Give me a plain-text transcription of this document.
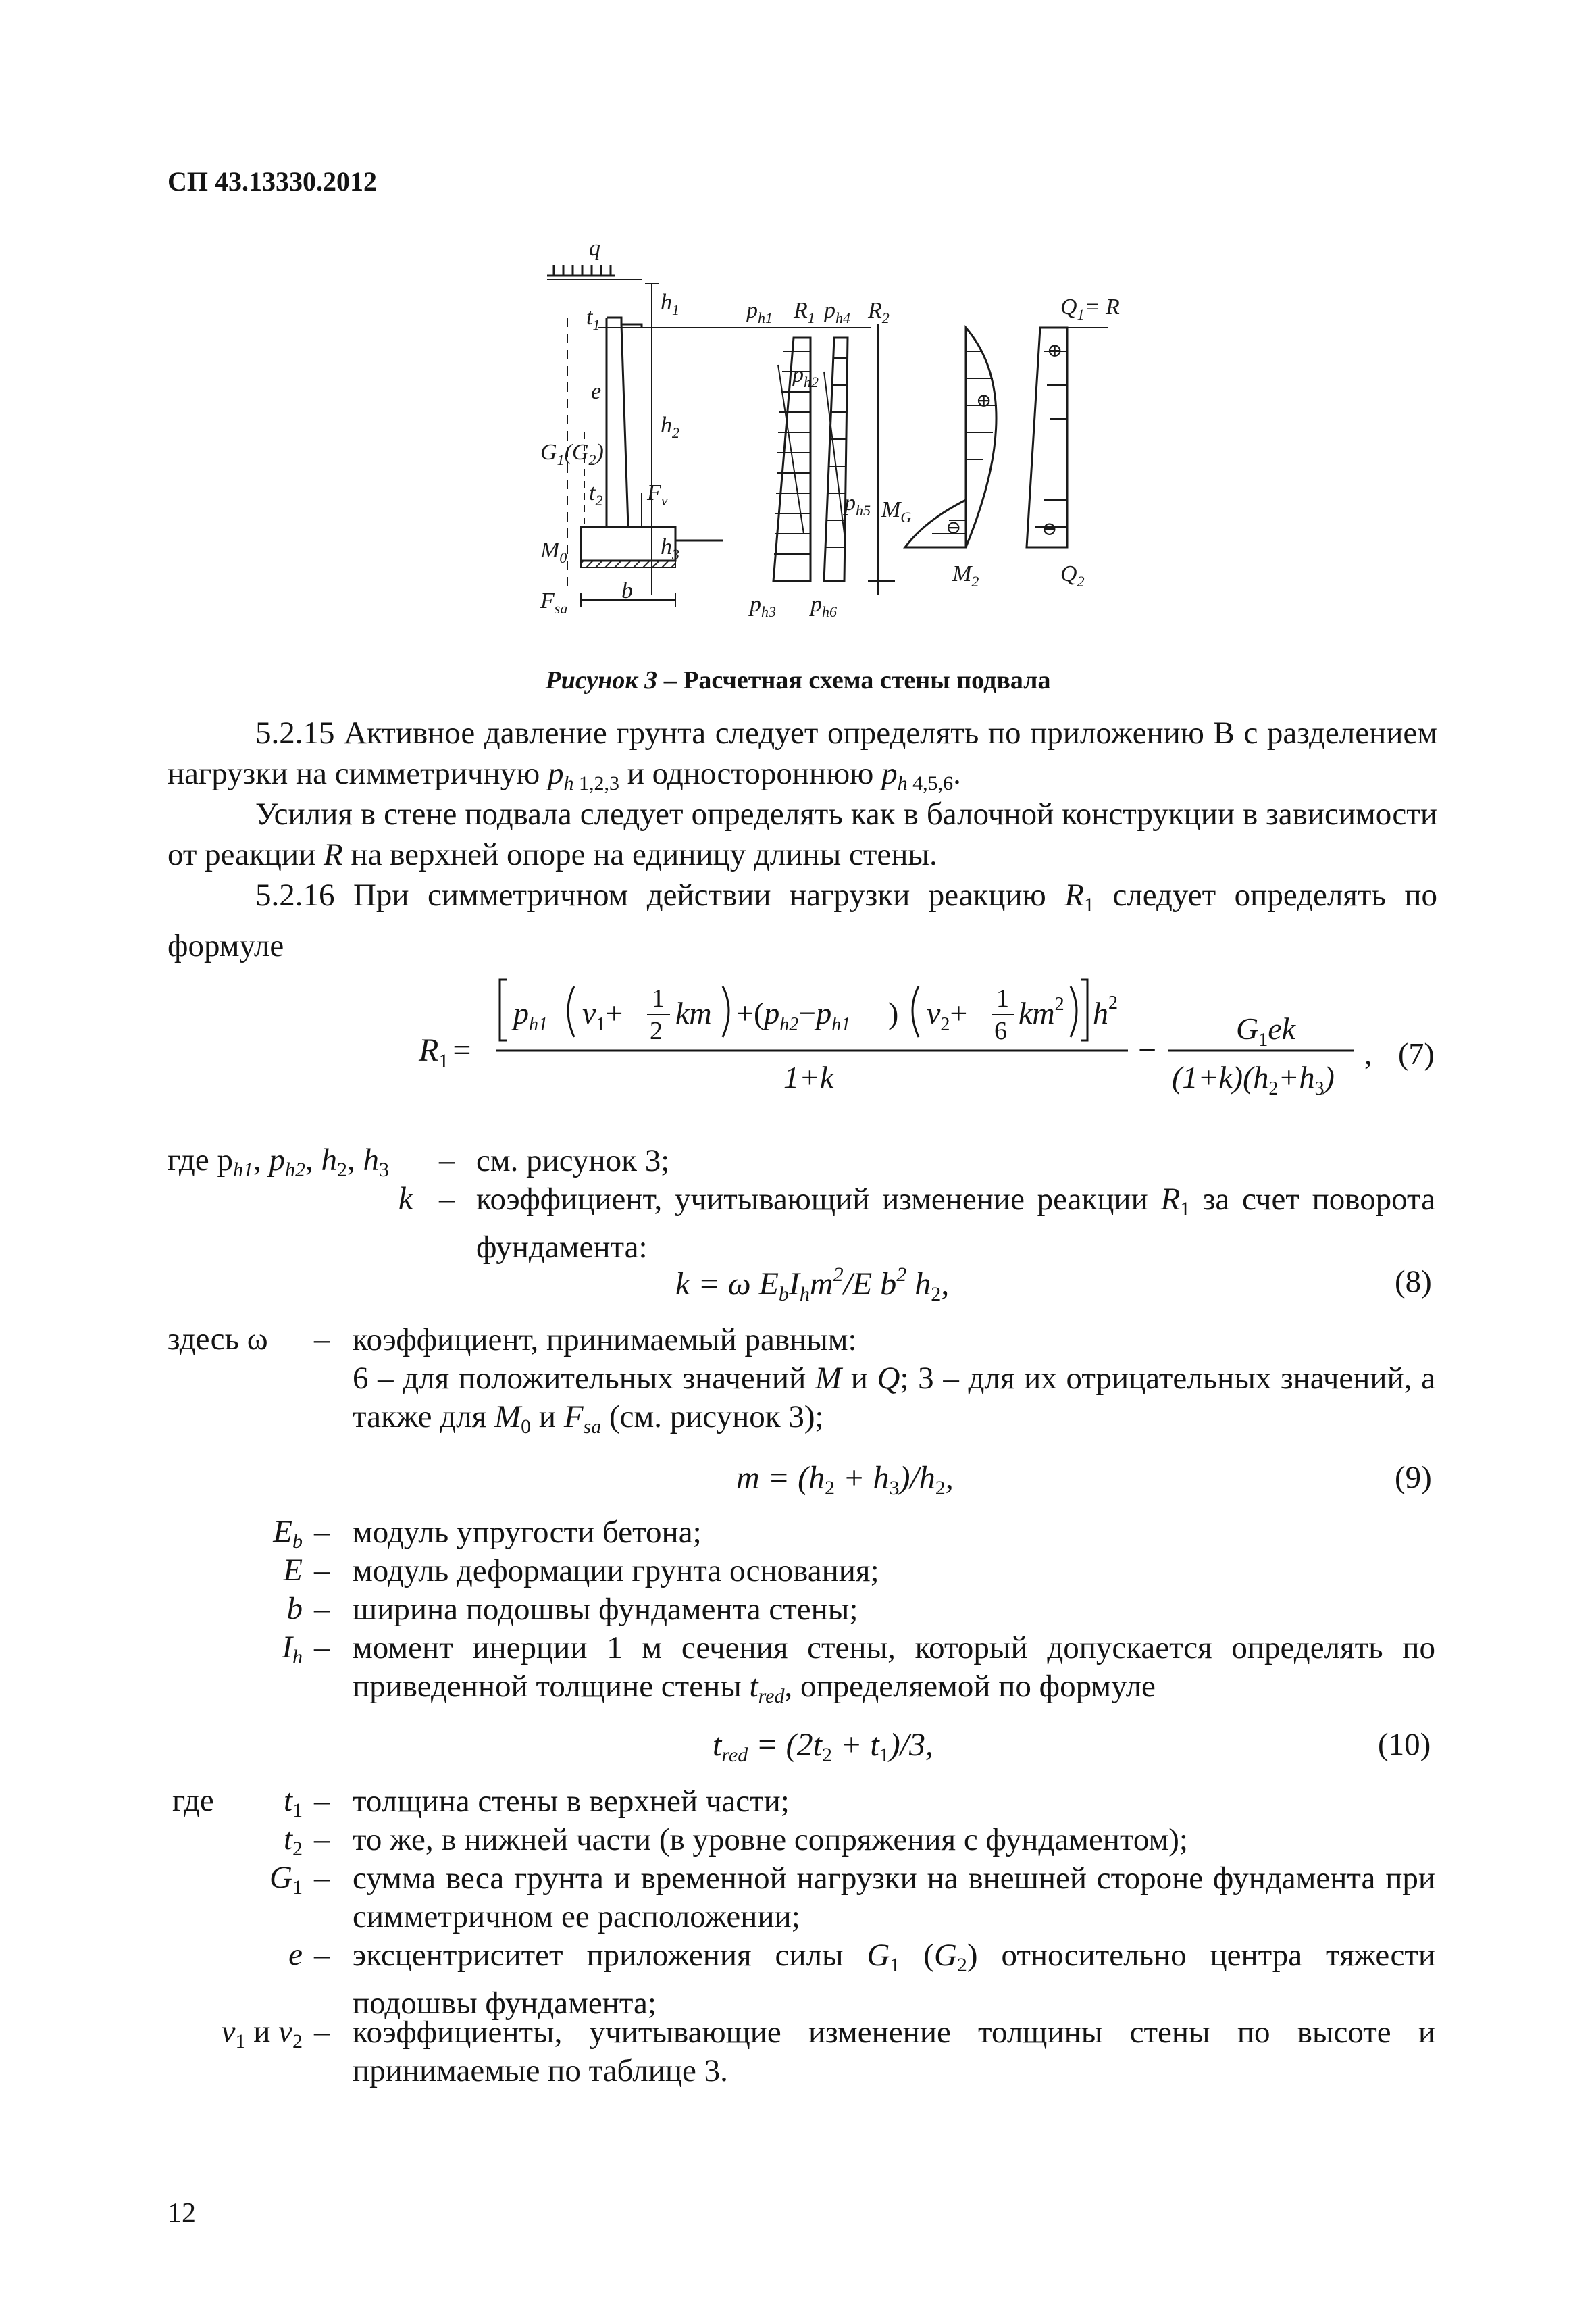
СП 43.13330.2012
q
$h_1$
$t_1$
e
$G_1(G_2)$
$h_2$
$t_2$ $F_v$
$M_0$	$h_3$
$F_{sa}$
b
$p_{h1}$ $R_1$ $p_{h4}$ $R_2$
$p_{h2}$
$p_{h5}$ $M_G$
$p_{h3}$ $p_{h6}$
$Q_1= R$
$M_2$	$Q_2$
⊕
⊕
⊖	⊖
Рисунок 3 – Расчетная схема стены подвала
5.2.15 Активное давление грунта следует определять по приложению В с разделением нагрузки на симметричную ph $_{1,2,3}$ и одностороннюю ph $_{4,5,6}$.
Усилия в стене подвала следует определять как в балочной конструкции в зависимости от реакции R на верхней опоре на единицу длины стены.
5.2.16 При симметричном действии нагрузки реакцию $R_1$ следует определять по формуле
$R_1$ =
$p_{h1}$ $\nu_1+ 1$
2
km $+(p_{h2}-p_{h1}$ ) $\nu_2+ 1$
6
$km^2$ $h^2$
1+k
−
$G_1ek$
$(1+k)(h_2+h_3)$
, (7)
где ph1, ph2, $h_2$, $h_3$ – см. рисунок 3;
k – коэффициент, учитывающий изменение реакции $R_1$ за счет поворота фундамента:
k = ω EbIhm$^2$/E $b^2$ $h_2$,	(8)
здесь ω – коэффициент, принимаемый равным:
6 – для положительных значений M и Q; 3 – для их отрицательных значений, а также для $M_0$ и Fsa (см. рисунок 3);
$m = (h_2 + h_3)/h_2$,	(9)
Eb – модуль упругости бетона;
E – модуль деформации грунта основания;
b – ширина подошвы фундамента стены;
Ih – момент инерции 1 м сечения стены, который допускается определять по приведенной толщине стены tred, определяемой по формуле
tred = $(2t_2 + t_1)/3$,	(10)
где $t_1$ – толщина стены в верхней части;
$t_2$ – то же, в нижней части (в уровне сопряжения с фундаментом);
$G_1$ – сумма веса грунта и временной нагрузки на внешней стороне фундамента при симметричном ее расположении;
e – эксцентриситет приложения силы $G_1$ $(G_2)$ относительно центра тяжести подошвы фундамента;
$\nu_1$ и $\nu_2$ – коэффициенты, учитывающие изменение толщины стены по высоте и принимаемые по таблице 3.
12
